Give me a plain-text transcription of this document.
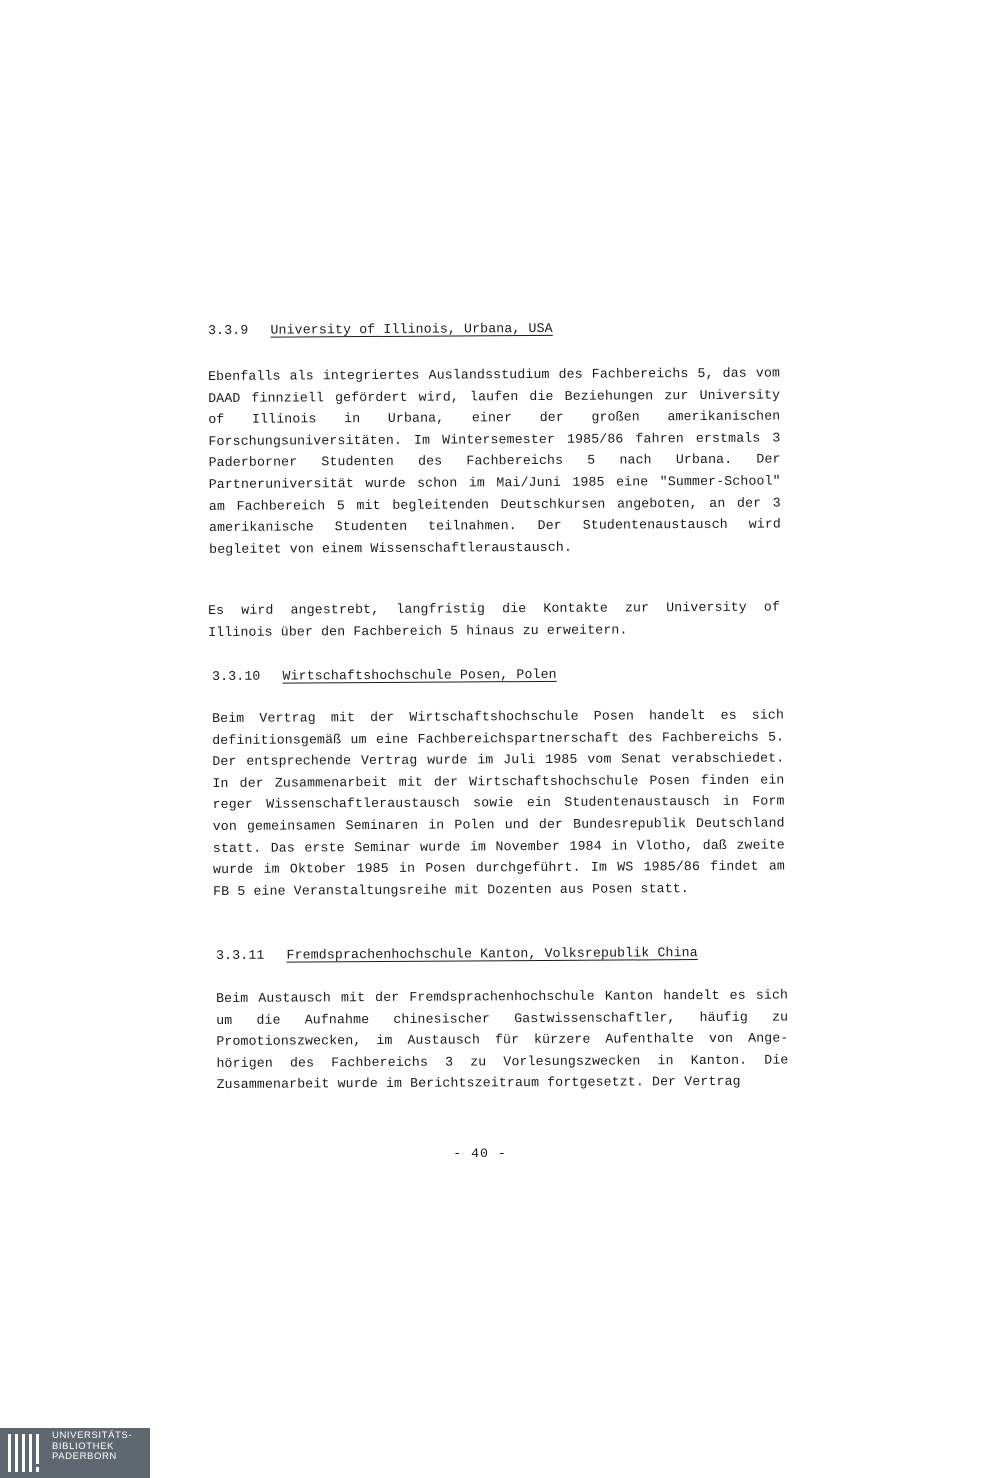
3.3.9 University of Illinois, Urbana, USA

Ebenfalls als integriertes Auslandsstudium des Fachbereichs 5, das vom DAAD finnziell gefördert wird, laufen die Beziehungen zur University of Illinois in Urbana, einer der großen amerikanischen Forschungsuniversitäten. Im Wintersemester 1985/86 fahren erstmals 3 Paderborner Studenten des Fachbereichs 5 nach Urbana. Der Partneruniversität wurde schon im Mai/Juni 1985 eine "Summer-School" am Fachbereich 5 mit begleitenden Deutschkursen angeboten, an der 3 amerikanische Studenten teilnahmen. Der Studentenaustausch wird begleitet von einem Wissenschaftleraustausch.

Es wird angestrebt, langfristig die Kontakte zur University of Illinois über den Fachbereich 5 hinaus zu erweitern.

3.3.10 Wirtschaftshochschule Posen, Polen

Beim Vertrag mit der Wirtschaftshochschule Posen handelt es sich definitionsgemäß um eine Fachbereichspartnerschaft des Fachbereichs 5. Der entsprechende Vertrag wurde im Juli 1985 vom Senat verabschiedet. In der Zusammenarbeit mit der Wirtschaftshochschule Posen finden ein reger Wissenschaftleraustausch sowie ein Studentenaustausch in Form von gemeinsamen Seminaren in Polen und der Bundesrepublik Deutschland statt. Das erste Seminar wurde im November 1984 in Vlotho, daß zweite wurde im Oktober 1985 in Posen durchgeführt. Im WS 1985/86 findet am FB 5 eine Veranstaltungsreihe mit Dozenten aus Posen statt.

3.3.11 Fremdsprachenhochschule Kanton, Volksrepublik China

Beim Austausch mit der Fremdsprachenhochschule Kanton handelt es sich um die Aufnahme chinesischer Gastwissenschaftler, häufig zu Promotionszwecken, im Austausch für kürzere Aufenthalte von Angehörigen des Fachbereichs 3 zu Vorlesungszwecken in Kanton. Die Zusammenarbeit wurde im Berichtszeitraum fortgesetzt. Der Vertrag

- 40 -
UNIVERSITÄTS-
BIBLIOTHEK
PADERBORN
